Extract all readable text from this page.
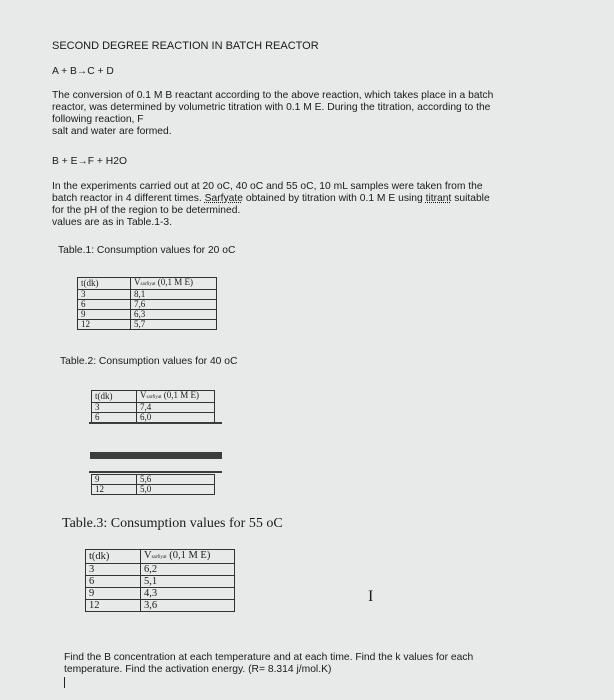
SECOND DEGREE REACTION IN BATCH REACTOR
A + B→C + D
The conversion of 0.1 M B reactant according to the above reaction, which takes place in a batch
reactor, was determined by volumetric titration with 0.1 M E. During the titration, according to the
following reaction, F
salt and water are formed.
B + E→F + H2O
In the experiments carried out at 20 oC, 40 oC and 55 oC, 10 mL samples were taken from the
batch reactor in 4 different times. Sarfyate obtained by titration with 0.1 M E using titrant suitable
for the pH of the region to be determined.
values are as in Table.1-3.
Table.1: Consumption values for 20 oC
t(dk)	Vsarfiyat (0,1 M E)
3	8,1
6	7,6
9	6,3
12	5,7
Table.2: Consumption values for 40 oC
t(dk)	Vsarfiyat (0,1 M E)
3	7,4
6	6,0
9	5,6
12	5,0
Table.3: Consumption values for 55 oC
t(dk)	Vsarfiyat (0,1 M E)
3	6,2
6	5,1
9	4,3
12	3,6
I
Find the B concentration at each temperature and at each time. Find the k values for each
temperature. Find the activation energy. (R= 8.314 j/mol.K)
